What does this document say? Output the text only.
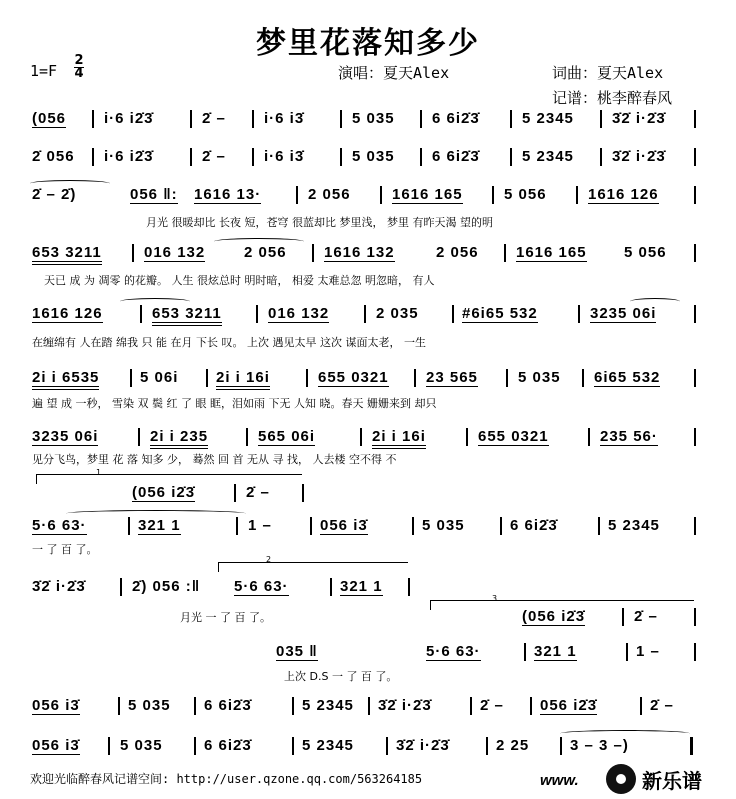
梦里花落知多少
1=F
2
4	演唱：夏天Alex	词曲：夏天Alex
记谱：桃李醉春风
(056	i·6 i2̇3̇	2̇ –	i·6 i3̇	5 035 6 6i2̇3̇	5 2345	3̇2̇ i·2̇3̇
2̇ 056 i·6 i2̇3̇	2̇ –	i·6 i3̇	5 035 6 6i2̇3̇	5 2345	3̇2̇ i·2̇3̇
2̇ – 2̇)	056 ‖: 1616 13·	2 056	1616 165	5 056	1616 126
月光 很暖却比 长夜 短，苍穹 很蓝却比 梦里浅， 梦里 有昨天渴 望的明
653 3211	016 132	2 056 1616 132	2 056 1616 165 5 056
天已 成 为 凋零 的花瓣。 人生 很炫总时 明时暗， 相爱 太难总忽 明忽暗， 有人
1616 126	653 3211	016 132	2 035	#6i65 532	3235 06i
在缠绵有 人在踏 绵我 只 能 在月 下长 叹。 上次 遇见太早 这次 谋面太老， 一生
2i i 6535	5 06i	2i i 16i	655 0321 23 565	5 035 6i65 532
遍 望 成 一秒， 雪染 双 鬓 红 了 眼 眶，泪如雨 下无 人知 晓。春天 姗姗来到 却只
3235 06i	2i i 235	565 06i	2i i 16i	655 0321	235 56·
见分飞鸟，梦里 花 落 知多 少， 蓦然 回 首 无从 寻 找， 人去楼 空不得 不
1
(056 i2̇3̇	2̇ –
5·6 63·	321 1	1 –	056 i3̇	5 035	6 6i2̇3̇	5 2345
一 了 百 了。
2
3̇2̇ i·2̇3̇	2̇) 056 :‖ 5·6 63·	321 1
月光 一 了 百 了。
3
(056 i2̇3̇	2̇ –
035 ‖	5·6 63·	321 1	1 –
上次 D.S 一 了 百 了。
056 i3̇	5 035 6 6i2̇3̇	5 2345 3̇2̇ i·2̇3̇	2̇ – 056 i2̇3̇	2̇ –
056 i3̇	5 035	6 6i2̇3̇	5 2345	3̇2̇ i·2̇3̇	2 25	3 – 3 –)
欢迎光临醉春风记谱空间: http://user.qzone.qq.com/563264185	www.	新乐谱
